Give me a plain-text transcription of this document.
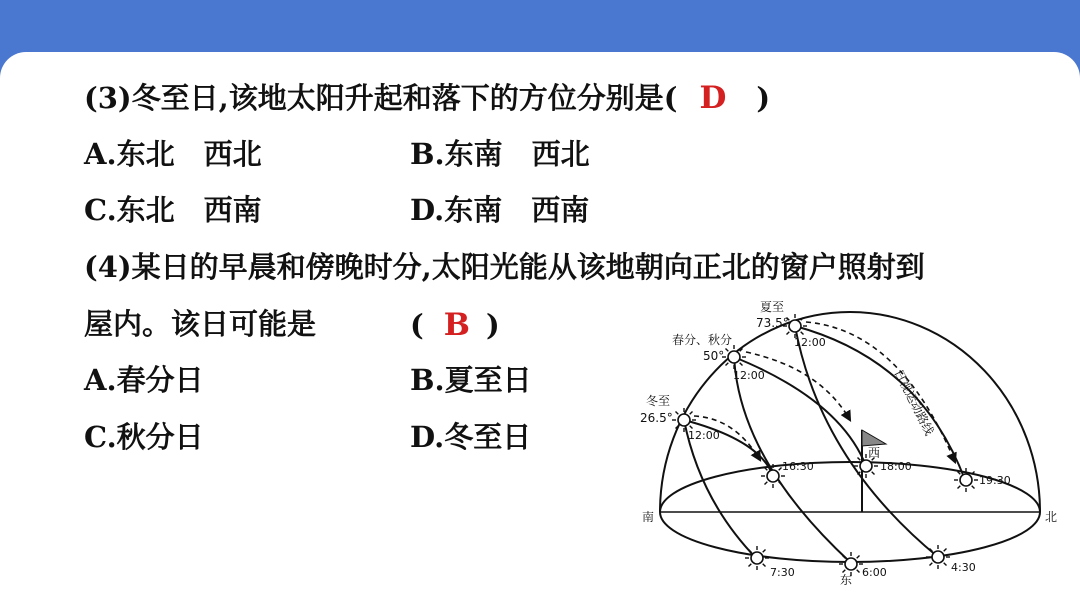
(3)冬至日,该地太阳升起和落下的方位分别是( D )
A.东北　西北	B.东南　西北
C.东北　西南	D.东南　西南
(4)某日的早晨和傍晚时分,太阳光能从该地朝向正北的窗户照射到
屋内。该日可能是	( B )
A.春分日	B.夏至日
C.秋分日	D.冬至日
夏至
73.5°
12:00
春分、秋分
50°
12:00
冬至
26.5°
12:00
16:30	18:00
19:30
7:30	6:00	4:30
南	北
东
西
日视运动路线
